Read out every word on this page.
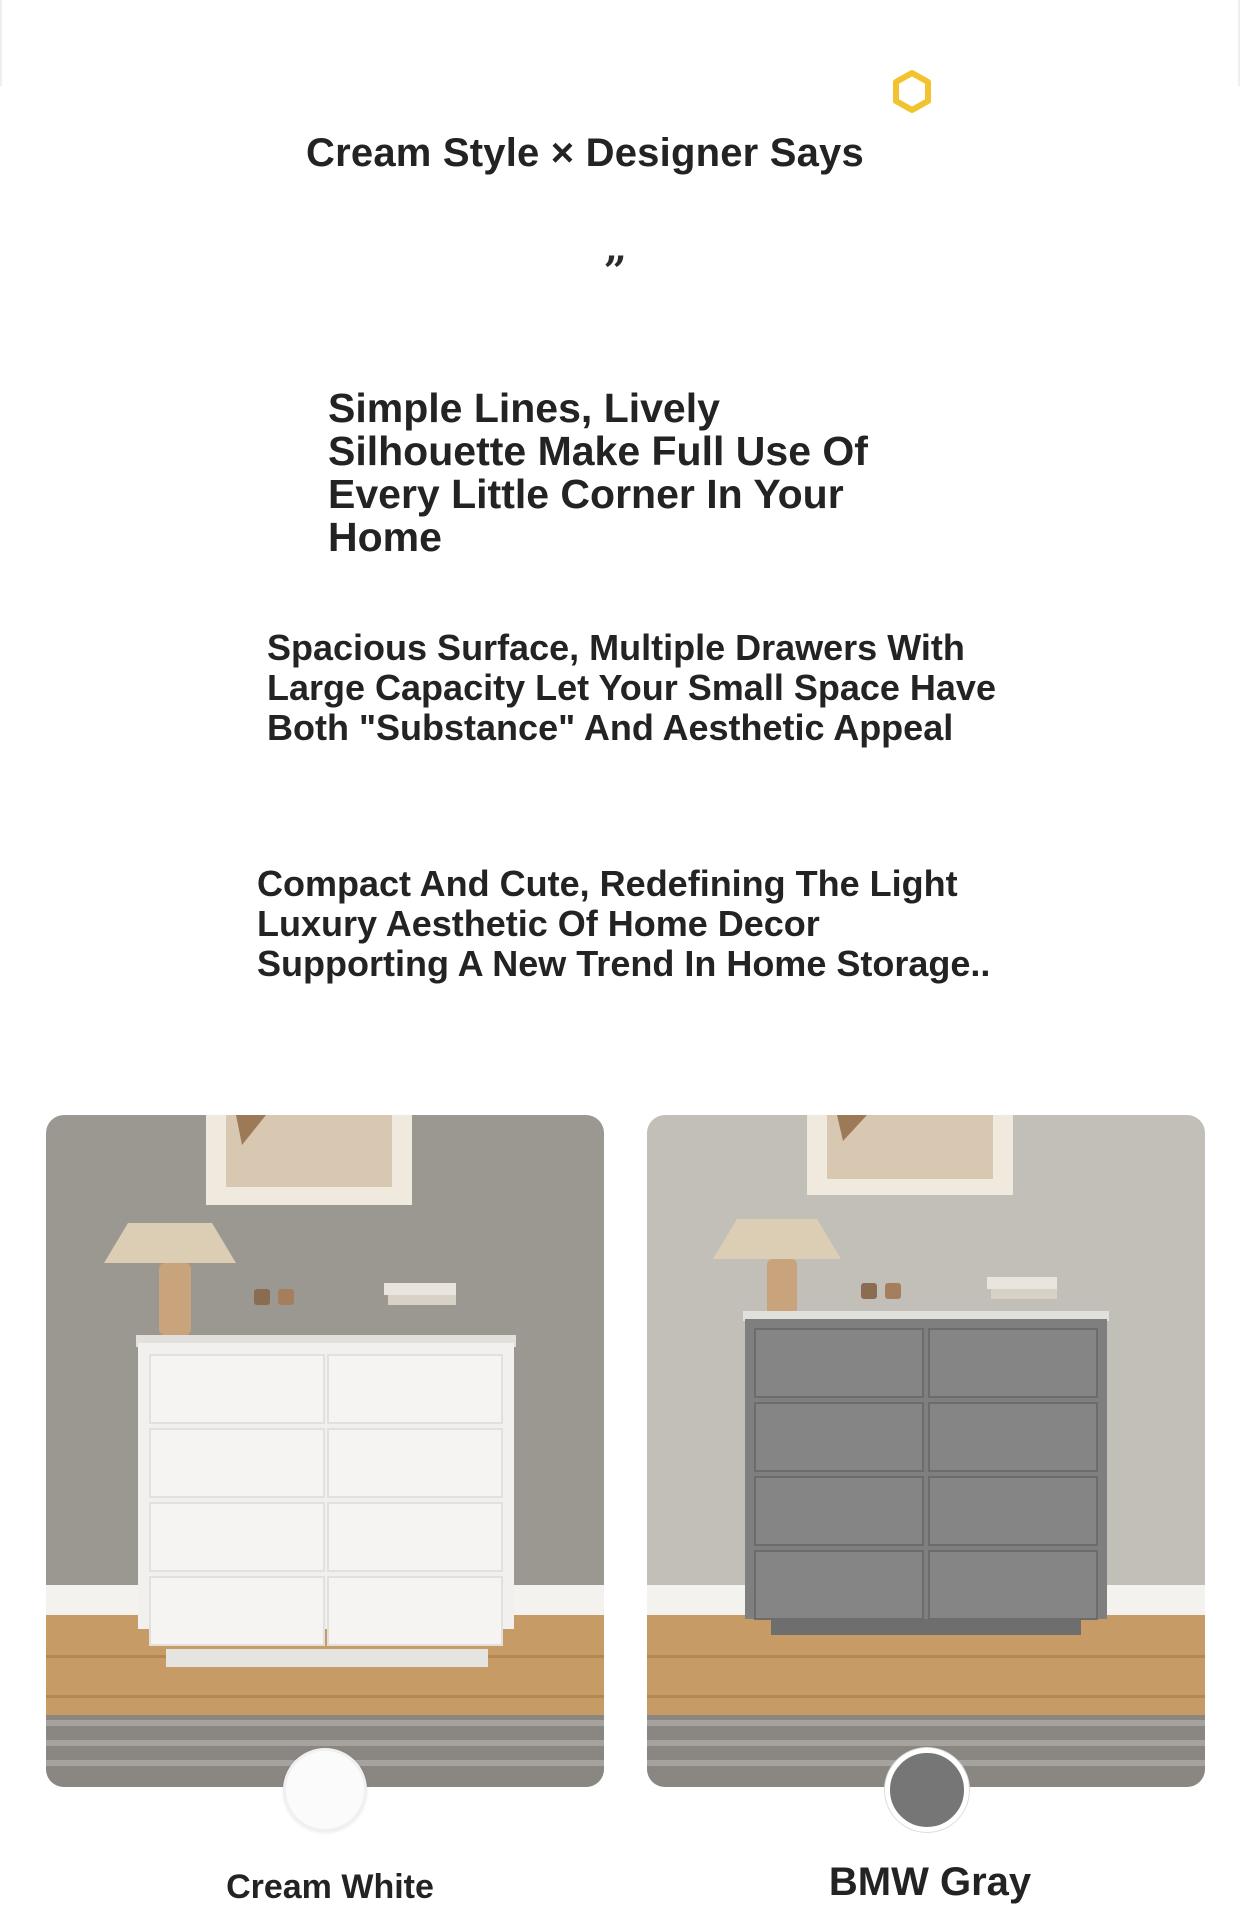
Cream Style × Designer Says
”

Simple Lines, Lively Silhouette Make Full Use Of Every Little Corner In Your Home

Spacious Surface, Multiple Drawers With Large Capacity Let Your Small Space Have Both "Substance" And Aesthetic Appeal

Compact And Cute, Redefining The Light Luxury Aesthetic Of Home Decor Supporting A New Trend In Home Storage..

Cream White	BMW Gray
